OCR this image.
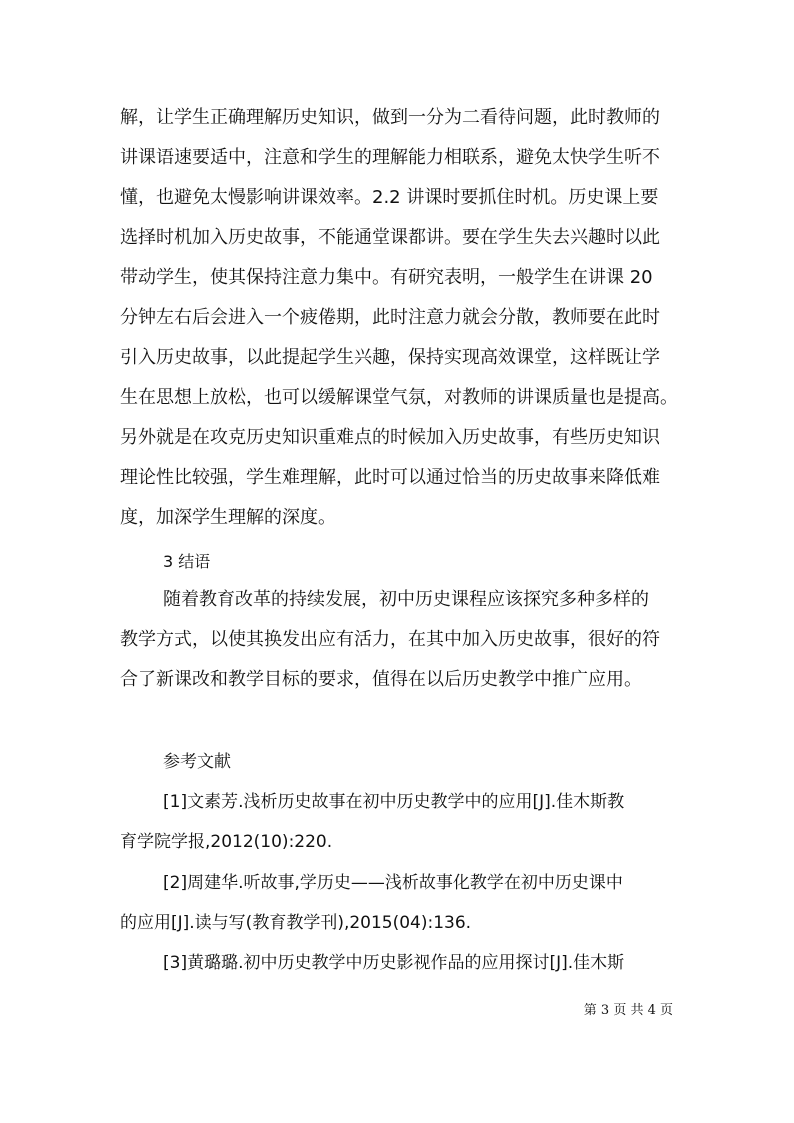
解，让学生正确理解历史知识，做到一分为二看待问题，此时教师的
讲课语速要适中，注意和学生的理解能力相联系，避免太快学生听不
懂，也避免太慢影响讲课效率。2.2 讲课时要抓住时机。历史课上要
选择时机加入历史故事，不能通堂课都讲。要在学生失去兴趣时以此
带动学生，使其保持注意力集中。有研究表明，一般学生在讲课 20
分钟左右后会进入一个疲倦期，此时注意力就会分散，教师要在此时
引入历史故事，以此提起学生兴趣，保持实现高效课堂，这样既让学
生在思想上放松，也可以缓解课堂气氛，对教师的讲课质量也是提高。
另外就是在攻克历史知识重难点的时候加入历史故事，有些历史知识
理论性比较强，学生难理解，此时可以通过恰当的历史故事来降低难
度，加深学生理解的深度。
3 结语
随着教育改革的持续发展，初中历史课程应该探究多种多样的
教学方式，以使其换发出应有活力，在其中加入历史故事，很好的符
合了新课改和教学目标的要求，值得在以后历史教学中推广应用。
参考文献
[1]文素芳.浅析历史故事在初中历史教学中的应用[J].佳木斯教
育学院学报,2012(10):220.
[2]周建华.听故事,学历史——浅析故事化教学在初中历史课中
的应用[J].读与写(教育教学刊),2015(04):136.
[3]黄璐璐.初中历史教学中历史影视作品的应用探讨[J].佳木斯
第 3 页 共 4 页
